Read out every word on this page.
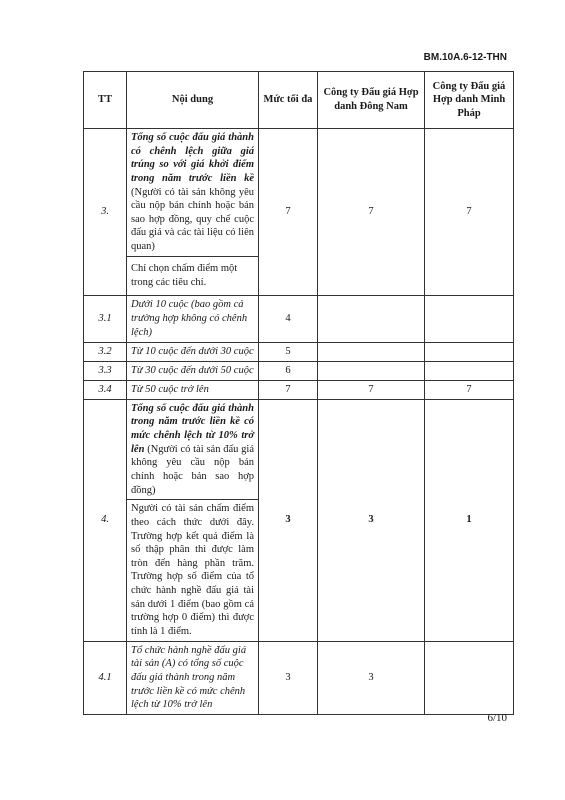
BM.10A.6-12-THN
TT	Nội dung	Mức tối đa	Công ty Đấu giá Hợp danh Đông Nam	Công ty Đấu giá Hợp danh Minh Pháp
3.	Tổng số cuộc đấu giá thành có chênh lệch giữa giá trúng so với giá khởi điểm trong năm trước liền kề (Người có tài sản không yêu cầu nộp bản chính hoặc bản sao hợp đồng, quy chế cuộc đấu giá và các tài liệu có liên quan)	7	7	7
	Chỉ chọn chấm điểm một trong các tiêu chí.			
3.1	Dưới 10 cuộc (bao gồm cả trường hợp không có chênh lệch)	4		
3.2	Từ 10 cuộc đến dưới 30 cuộc	5		
3.3	Từ 30 cuộc đến dưới 50 cuộc	6		
3.4	Từ 50 cuộc trở lên	7	7	7
4.	Tổng số cuộc đấu giá thành trong năm trước liền kề có mức chênh lệch từ 10% trở lên (Người có tài sản đấu giá không yêu cầu nộp bản chính hoặc bản sao hợp đồng)	3	3	1
	Người có tài sản chấm điểm theo cách thức dưới đây. Trường hợp kết quả điểm là số thập phân thì được làm tròn đến hàng phần trăm. Trường hợp số điểm của tổ chức hành nghề đấu giá tài sản dưới 1 điểm (bao gồm cả trường hợp 0 điểm) thì được tính là 1 điểm.			
4.1	Tổ chức hành nghề đấu giá tài sản (A) có tổng số cuộc đấu giá thành trong năm trước liền kề có mức chênh lệch từ 10% trở lên	3	3	
6/10
